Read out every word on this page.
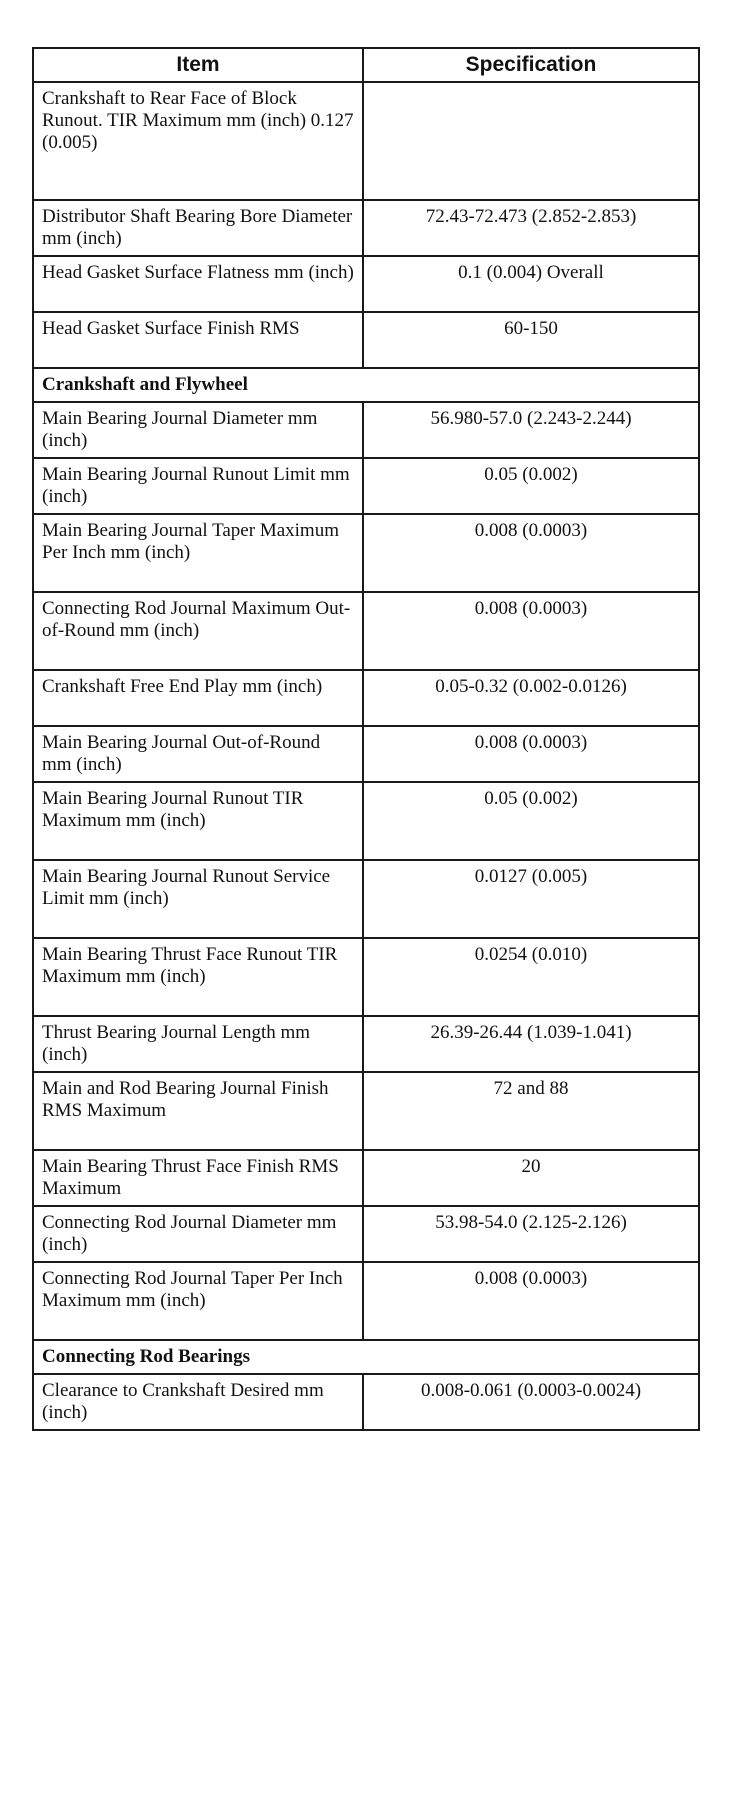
Item	Specification
Crankshaft to Rear Face of Block Runout. TIR Maximum mm (inch) 0.127 (0.005)	
Distributor Shaft Bearing Bore Diameter mm (inch)	72.43-72.473 (2.852-2.853)
Head Gasket Surface Flatness mm (inch)	0.1 (0.004) Overall
Head Gasket Surface Finish RMS	60-150
Crankshaft and Flywheel	
Main Bearing Journal Diameter mm (inch)	56.980-57.0 (2.243-2.244)
Main Bearing Journal Runout Limit mm (inch)	0.05 (0.002)
Main Bearing Journal Taper Maximum Per Inch mm (inch)	0.008 (0.0003)
Connecting Rod Journal Maximum Out-of-Round mm (inch)	0.008 (0.0003)
Crankshaft Free End Play mm (inch)	0.05-0.32 (0.002-0.0126)
Main Bearing Journal Out-of-Round mm (inch)	0.008 (0.0003)
Main Bearing Journal Runout TIR Maximum mm (inch)	0.05 (0.002)
Main Bearing Journal Runout Service Limit mm (inch)	0.0127 (0.005)
Main Bearing Thrust Face Runout TIR Maximum mm (inch)	0.0254 (0.010)
Thrust Bearing Journal Length mm (inch)	26.39-26.44 (1.039-1.041)
Main and Rod Bearing Journal Finish RMS Maximum	72 and 88
Main Bearing Thrust Face Finish RMS Maximum	20
Connecting Rod Journal Diameter mm (inch)	53.98-54.0 (2.125-2.126)
Connecting Rod Journal Taper Per Inch Maximum mm (inch)	0.008 (0.0003)
Connecting Rod Bearings	
Clearance to Crankshaft Desired mm (inch)	0.008-0.061 (0.0003-0.0024)
